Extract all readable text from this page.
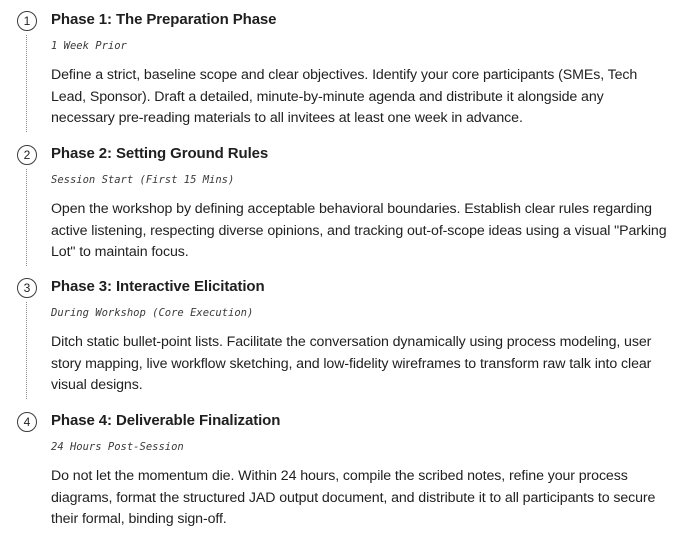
1 Phase 1: The Preparation Phase
1 Week Prior

Define a strict, baseline scope and clear objectives. Identify your core participants (SMEs, Tech Lead, Sponsor). Draft a detailed, minute-by-minute agenda and distribute it alongside any necessary pre-reading materials to all invitees at least one week in advance.

2 Phase 2: Setting Ground Rules
Session Start (First 15 Mins)

Open the workshop by defining acceptable behavioral boundaries. Establish clear rules regarding active listening, respecting diverse opinions, and tracking out-of-scope ideas using a visual "Parking Lot" to maintain focus.

3 Phase 3: Interactive Elicitation
During Workshop (Core Execution)

Ditch static bullet-point lists. Facilitate the conversation dynamically using process modeling, user story mapping, live workflow sketching, and low-fidelity wireframes to transform raw talk into clear visual designs.

4 Phase 4: Deliverable Finalization
24 Hours Post-Session

Do not let the momentum die. Within 24 hours, compile the scribed notes, refine your process diagrams, format the structured JAD output document, and distribute it to all participants to secure their formal, binding sign-off.
